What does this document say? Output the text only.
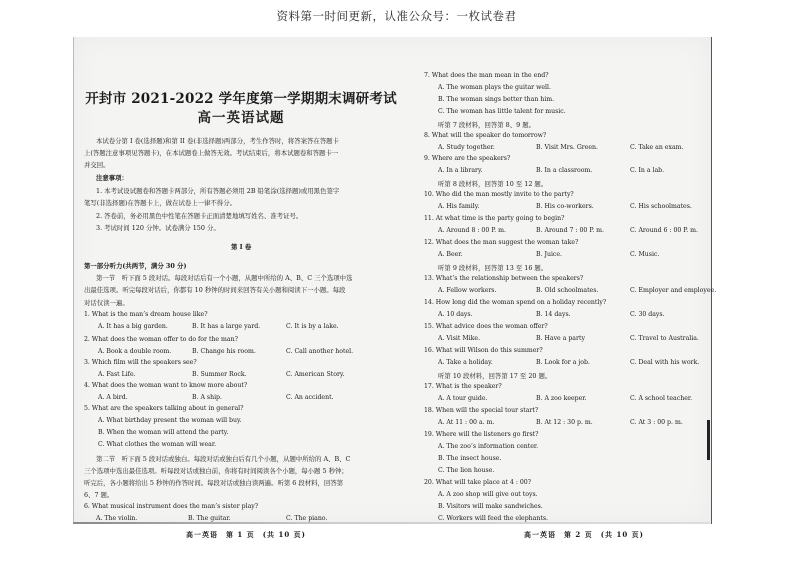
资料第一时间更新，认准公众号：一枚试卷君
开封市 2021-2022 学年度第一学期期末调研考试
高一英语试题
本试卷分第 I 卷(选择题)和第 II 卷(非选择题)两部分，考生作答时，将答案答在答题卡
上(答题注意事项见答题卡)，在本试题卷上做答无效。考试结束后，将本试题卷和答题卡一
并交回。
注意事项：
1. 本考试设试题卷和答题卡两部分，所有答题必须用 2B 铅笔涂(选择题)或用黑色签字
笔写(非选择题)在答题卡上，做在试卷上一律不得分。
2. 答卷前，务必用黑色中性笔在答题卡正面清楚地填写姓名、准考证号。
3. 考试时间 120 分钟。试卷满分 150 分。
第 I 卷
第一部分听力(共两节，满分 30 分)
第一节　听下面 5 段对话。每段对话后有一个小题，从题中所给的 A、B、C 三个选项中选
出最佳选项。听完每段对话后，你都有 10 秒钟的时间来回答有关小题和阅读下一小题。每段
对话仅读一遍。
1. What is the man’s dream house like?
A. It has a big garden.	B. It has a large yard.	C. It is by a lake.
2. What does the woman offer to do for the man?
A. Book a double room.	B. Change his room.	C. Call another hotel.
3. Which film will the speakers see?
A. Fast Life.	B. Summer Rock.	C. American Story.
4. What does the woman want to know more about?
A. A bird.	B. A ship.	C. An accident.
5. What are the speakers talking about in general?
A. What birthday present the woman will buy.
B. When the woman will attend the party.
C. What clothes the woman will wear.
第二节　听下面 5 段对话或独白。每段对话或独白后有几个小题，从题中所给的 A、B、C
三个选项中选出最佳选项。听每段对话或独白前，你将有时间阅读各个小题，每小题 5 秒钟；
听完后，各小题将给出 5 秒钟的作答时间。每段对话或独白读两遍。听第 6 段材料，回答第
6、7 题。
6. What musical instrument does the man’s sister play?
A. The violin.	B. The guitar.	C. The piano.
高一英语　第 1 页　(共 10 页)
7. What does the man mean in the end?
A. The woman plays the guitar well.
B. The woman sings better than him.
C. The woman has little talent for music.
听第 7 段材料，回答第 8、9 题。
8. What will the speaker do tomorrow?
A. Study together.	B. Visit Mrs. Green.	C. Take an exam.
9. Where are the speakers?
A. In a library.	B. In a classroom.	C. In a lab.
听第 8 段材料，回答第 10 至 12 题。
10. Who did the man mostly invite to the party?
A. His family.	B. His co-workers.	C. His schoolmates.
11. At what time is the party going to begin?
A. Around 8 : 00 P. m.	B. Around 7 : 00 P. m.	C. Around 6 : 00 P. m.
12. What does the man suggest the woman take?
A. Beer.	B. Juice.	C. Music.
听第 9 段材料，回答第 13 至 16 题。
13. What’s the relationship between the speakers?
A. Fellow workers.	B. Old schoolmates.	C. Employer and employee.
14. How long did the woman spend on a holiday recently?
A. 10 days.	B. 14 days.	C. 30 days.
15. What advice does the woman offer?
A. Visit Mike.	B. Have a party	C. Travel to Australia.
16. What will Wilson do this summer?
A. Take a holiday.	B. Look for a job.	C. Deal with his work.
听第 10 段材料，回答第 17 至 20 题。
17. What is the speaker?
A. A tour guide.	B. A zoo keeper.	C. A school teacher.
18. When will the special tour start?
A. At 11 : 00 a. m.	B. At 12 : 30 p. m.	C. At 3 : 00 p. m.
19. Where will the listeners go first?
A. The zoo’s information center.
B. The insect house.
C. The lion house.
20. What will take place at 4 : 00?
A. A zoo shop will give out toys.
B. Visitors will make sandwiches.
C. Workers will feed the elephants.
高一英语　第 2 页　(共 10 页)
